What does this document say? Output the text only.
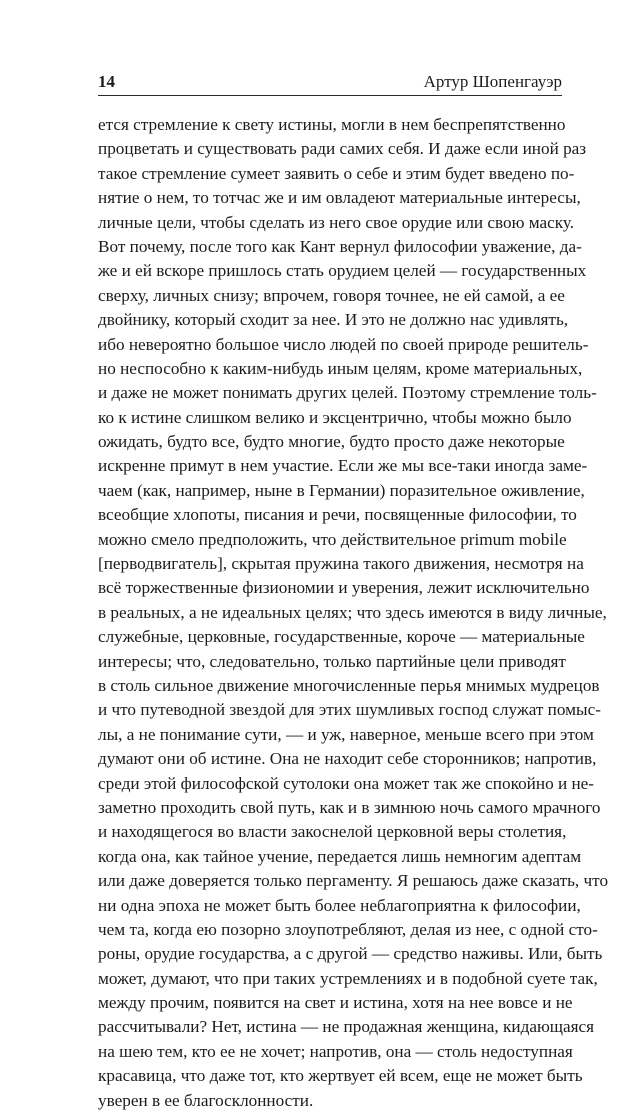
14	Артур Шопенгауэр
ется стремление к свету истины, могли в нем беспрепятственно
процветать и существовать ради самих себя. И даже если иной раз
такое стремление сумеет заявить о себе и этим будет введено по-
нятие о нем, то тотчас же и им овладеют материальные интересы,
личные цели, чтобы сделать из него свое орудие или свою маску.
Вот почему, после того как Кант вернул философии уважение, да-
же и ей вскоре пришлось стать орудием целей — государственных
сверху, личных снизу; впрочем, говоря точнее, не ей самой, а ее
двойнику, который сходит за нее. И это не должно нас удивлять,
ибо невероятно большое число людей по своей природе решитель-
но неспособно к каким-нибудь иным целям, кроме материальных,
и даже не может понимать других целей. Поэтому стремление толь-
ко к истине слишком велико и эксцентрично, чтобы можно было
ожидать, будто все, будто многие, будто просто даже некоторые
искренне примут в нем участие. Если же мы все-таки иногда заме-
чаем (как, например, ныне в Германии) поразительное оживление,
всеобщие хлопоты, писания и речи, посвященные философии, то
можно смело предположить, что действительное primum mobile
[перводвигатель], скрытая пружина такого движения, несмотря на
всё торжественные физиономии и уверения, лежит исключительно
в реальных, а не идеальных целях; что здесь имеются в виду личные,
служебные, церковные, государственные, короче — материальные
интересы; что, следовательно, только партийные цели приводят
в столь сильное движение многочисленные перья мнимых мудрецов
и что путеводной звездой для этих шумливых господ служат помыс-
лы, а не понимание сути, — и уж, наверное, меньше всего при этом
думают они об истине. Она не находит себе сторонников; напротив,
среди этой философской сутолоки она может так же спокойно и не-
заметно проходить свой путь, как и в зимнюю ночь самого мрачного
и находящегося во власти закоснелой церковной веры столетия,
когда она, как тайное учение, передается лишь немногим адептам
или даже доверяется только пергаменту. Я решаюсь даже сказать, что
ни одна эпоха не может быть более неблагоприятна к философии,
чем та, когда ею позорно злоупотребляют, делая из нее, с одной сто-
роны, орудие государства, а с другой — средство наживы. Или, быть
может, думают, что при таких устремлениях и в подобной суете так,
между прочим, появится на свет и истина, хотя на нее вовсе и не
рассчитывали? Нет, истина — не продажная женщина, кидающаяся
на шею тем, кто ее не хочет; напротив, она — столь недоступная
красавица, что даже тот, кто жертвует ей всем, еще не может быть
уверен в ее благосклонности.
